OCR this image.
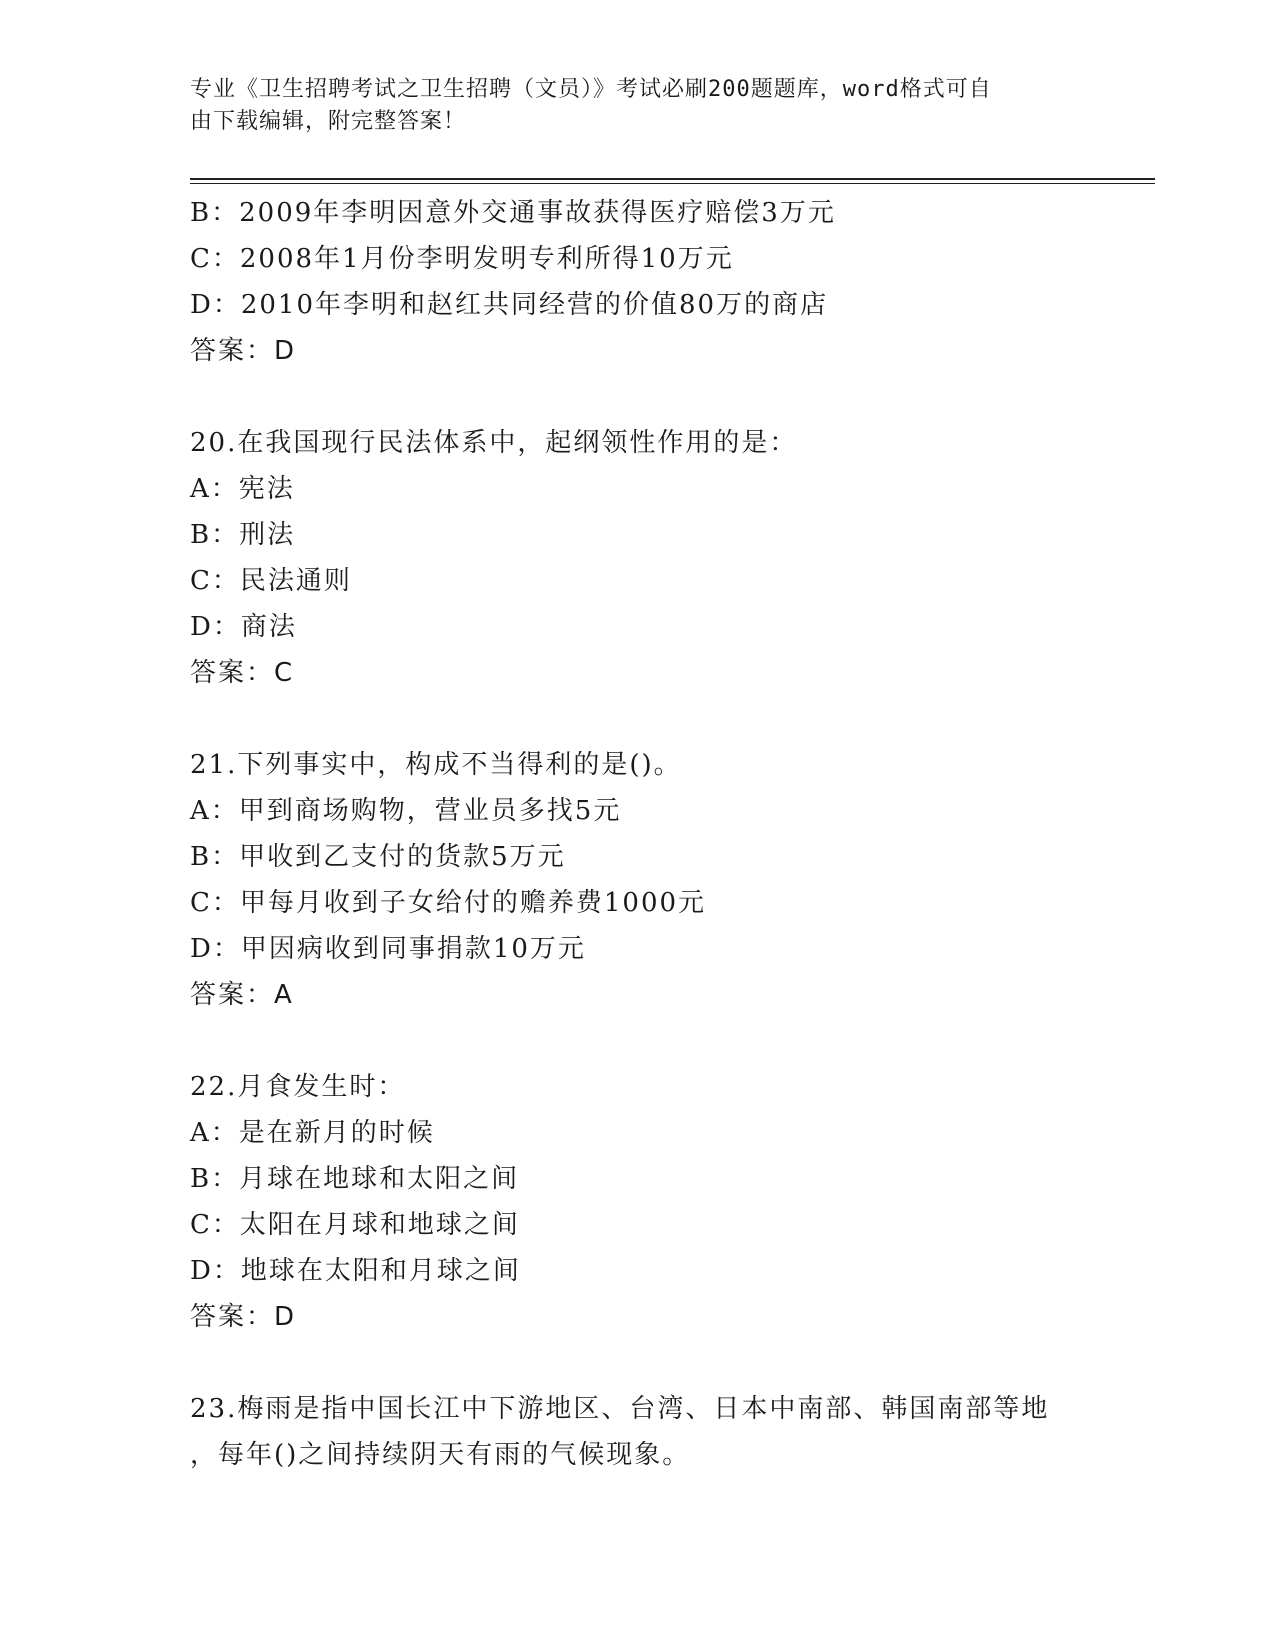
专业《卫生招聘考试之卫生招聘（文员）》考试必刷200题题库，word格式可自
由下载编辑，附完整答案！
B：2009年李明因意外交通事故获得医疗赔偿3万元
C：2008年1月份李明发明专利所得10万元
D：2010年李明和赵红共同经营的价值80万的商店
答案：D
20.在我国现行民法体系中，起纲领性作用的是：
A：宪法
B：刑法
C：民法通则
D：商法
答案：C
21.下列事实中，构成不当得利的是()。
A：甲到商场购物，营业员多找5元
B：甲收到乙支付的货款5万元
C：甲每月收到子女给付的赡养费1000元
D：甲因病收到同事捐款10万元
答案：A
22.月食发生时：
A：是在新月的时候
B：月球在地球和太阳之间
C：太阳在月球和地球之间
D：地球在太阳和月球之间
答案：D
23.梅雨是指中国长江中下游地区、台湾、日本中南部、韩国南部等地
，每年()之间持续阴天有雨的气候现象。
